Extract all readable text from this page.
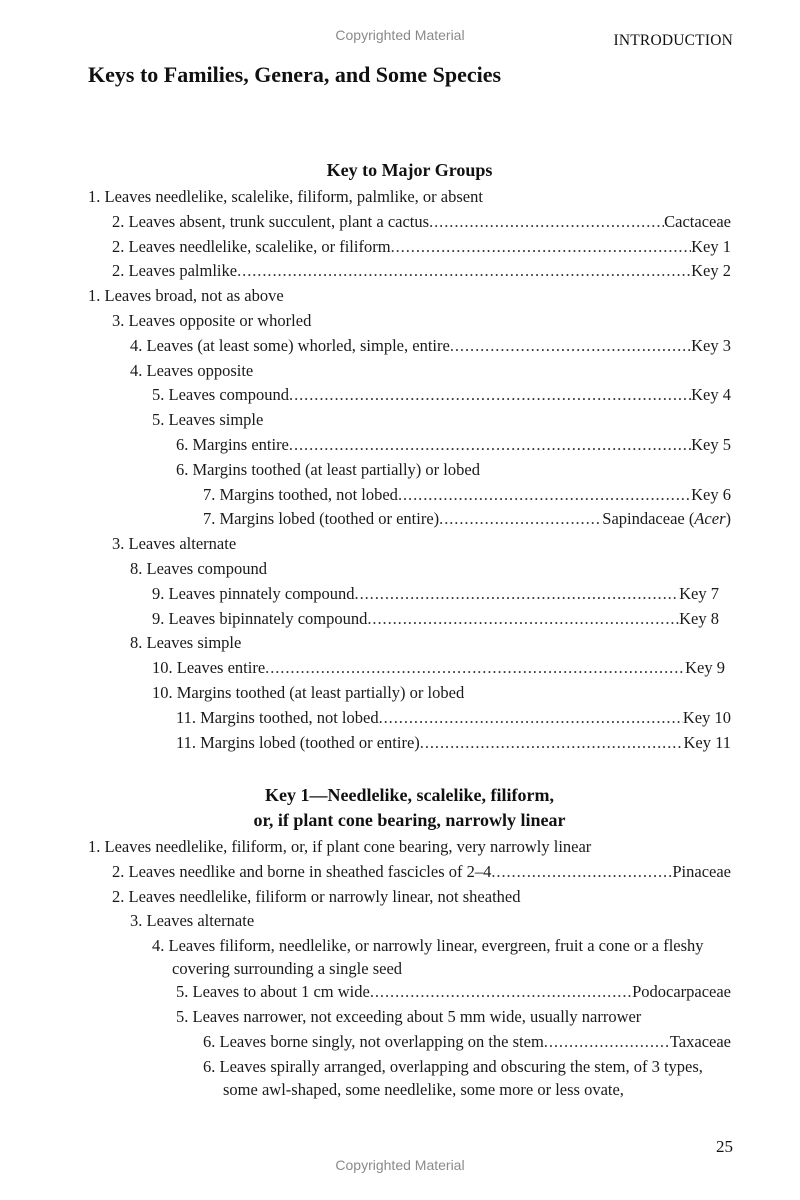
Copyrighted Material	INTRODUCTION
Keys to Families, Genera, and Some Species
Key to Major Groups
1. Leaves needlelike, scalelike, filiform, palmlike, or absent
2. Leaves absent, trunk succulent, plant a cactus . . .	Cactaceae
2. Leaves needlelike, scalelike, or filiform . . .	Key 1
2. Leaves palmlike . . .	Key 2
1. Leaves broad, not as above
3. Leaves opposite or whorled
4. Leaves (at least some) whorled, simple, entire . . .	Key 3
4. Leaves opposite
5. Leaves compound . . .	Key 4
5. Leaves simple
6. Margins entire . . .	Key 5
6. Margins toothed (at least partially) or lobed
7. Margins toothed, not lobed . . .	Key 6
7. Margins lobed (toothed or entire) . . .	Sapindaceae (Acer)
3. Leaves alternate
8. Leaves compound
9. Leaves pinnately compound . . .	Key 7
9. Leaves bipinnately compound . . .	Key 8
8. Leaves simple
10. Leaves entire . . .	Key 9
10. Margins toothed (at least partially) or lobed
11. Margins toothed, not lobed . . .	Key 10
11. Margins lobed (toothed or entire) . . .	Key 11
Key 1—Needlelike, scalelike, filiform,
or, if plant cone bearing, narrowly linear
1. Leaves needlelike, filiform, or, if plant cone bearing, very narrowly linear
2. Leaves needlike and borne in sheathed fascicles of 2–4 . . .	Pinaceae
2. Leaves needlelike, filiform or narrowly linear, not sheathed
3. Leaves alternate
4. Leaves filiform, needlelike, or narrowly linear, evergreen, fruit a cone or a fleshy covering surrounding a single seed
5. Leaves to about 1 cm wide . . .	Podocarpaceae
5. Leaves narrower, not exceeding about 5 mm wide, usually narrower
6. Leaves borne singly, not overlapping on the stem . . .	Taxaceae
6. Leaves spirally arranged, overlapping and obscuring the stem, of 3 types, some awl-shaped, some needlelike, some more or less ovate,
25
Copyrighted Material
